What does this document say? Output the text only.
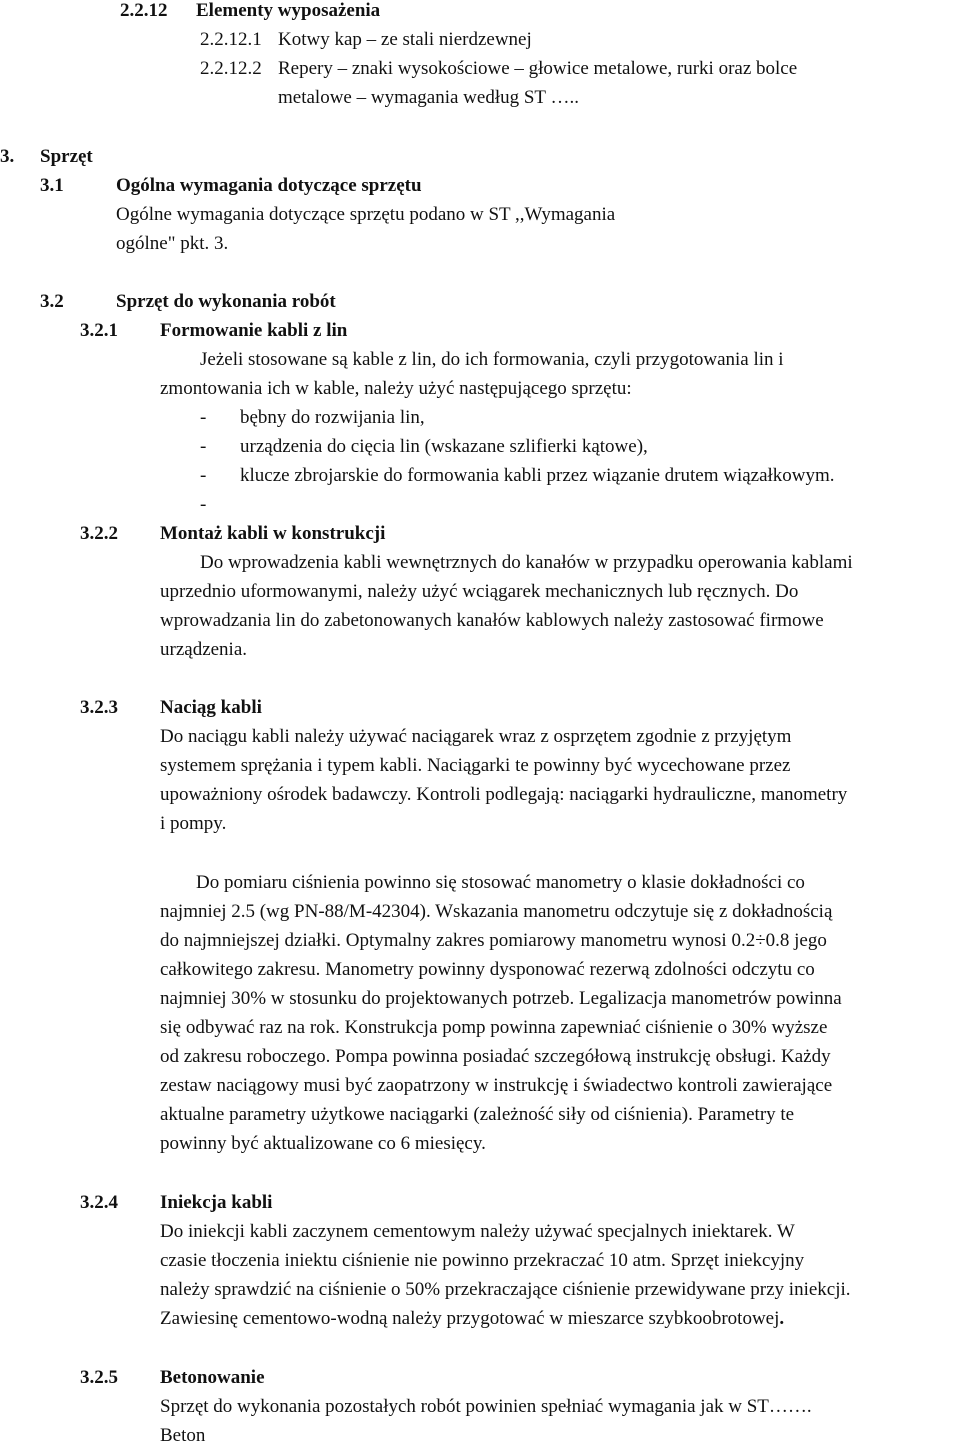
2.2.12 Elementy wyposażenia
2.2.12.1 Kotwy kap – ze stali nierdzewnej
2.2.12.2 Repery – znaki wysokościowe – głowice metalowe, rurki oraz bolce
metalowe – wymagania według ST …..
3. Sprzęt
3.1	Ogólna wymagania dotyczące sprzętu
Ogólne wymagania dotyczące sprzętu podano w ST ,,Wymagania
ogólne" pkt. 3.
3.2	Sprzęt do wykonania robót
3.2.1 Formowanie kabli z lin
Jeżeli stosowane są kable z lin, do ich formowania, czyli przygotowania lin i
zmontowania ich w kable, należy użyć następującego sprzętu:
- bębny do rozwijania lin,
- urządzenia do cięcia lin (wskazane szlifierki kątowe),
- klucze zbrojarskie do formowania kabli przez wiązanie drutem wiązałkowym.
-
3.2.2 Montaż kabli w konstrukcji
Do wprowadzenia kabli wewnętrznych do kanałów w przypadku operowania kablami
uprzednio uformowanymi, należy użyć wciągarek mechanicznych lub ręcznych. Do
wprowadzania lin do zabetonowanych kanałów kablowych należy zastosować firmowe
urządzenia.
3.2.3 Naciąg kabli
Do naciągu kabli należy używać naciągarek wraz z osprzętem zgodnie z przyjętym
systemem sprężania i typem kabli. Naciągarki te powinny być wycechowane przez
upoważniony ośrodek badawczy. Kontroli podlegają: naciągarki hydrauliczne, manometry
i pompy.
Do pomiaru ciśnienia powinno się stosować manometry o klasie dokładności co
najmniej 2.5 (wg PN-88/M-42304). Wskazania manometru odczytuje się z dokładnością
do najmniejszej działki. Optymalny zakres pomiarowy manometru wynosi 0.2÷0.8 jego
całkowitego zakresu. Manometry powinny dysponować rezerwą zdolności odczytu co
najmniej 30% w stosunku do projektowanych potrzeb. Legalizacja manometrów powinna
się odbywać raz na rok. Konstrukcja pomp powinna zapewniać ciśnienie o 30% wyższe
od zakresu roboczego. Pompa powinna posiadać szczegółową instrukcję obsługi. Każdy
zestaw naciągowy musi być zaopatrzony w instrukcję i świadectwo kontroli zawierające
aktualne parametry użytkowe naciągarki (zależność siły od ciśnienia). Parametry te
powinny być aktualizowane co 6 miesięcy.
3.2.4 Iniekcja kabli
Do iniekcji kabli zaczynem cementowym należy używać specjalnych iniektarek. W
czasie tłoczenia iniektu ciśnienie nie powinno przekraczać 10 atm. Sprzęt iniekcyjny
należy sprawdzić na ciśnienie o 50% przekraczające ciśnienie przewidywane przy iniekcji.
Zawiesinę cementowo-wodną należy przygotować w mieszarce szybkoobrotowej.
3.2.5 Betonowanie
Sprzęt do wykonania pozostałych robót powinien spełniać wymagania jak w ST…….
Beton
